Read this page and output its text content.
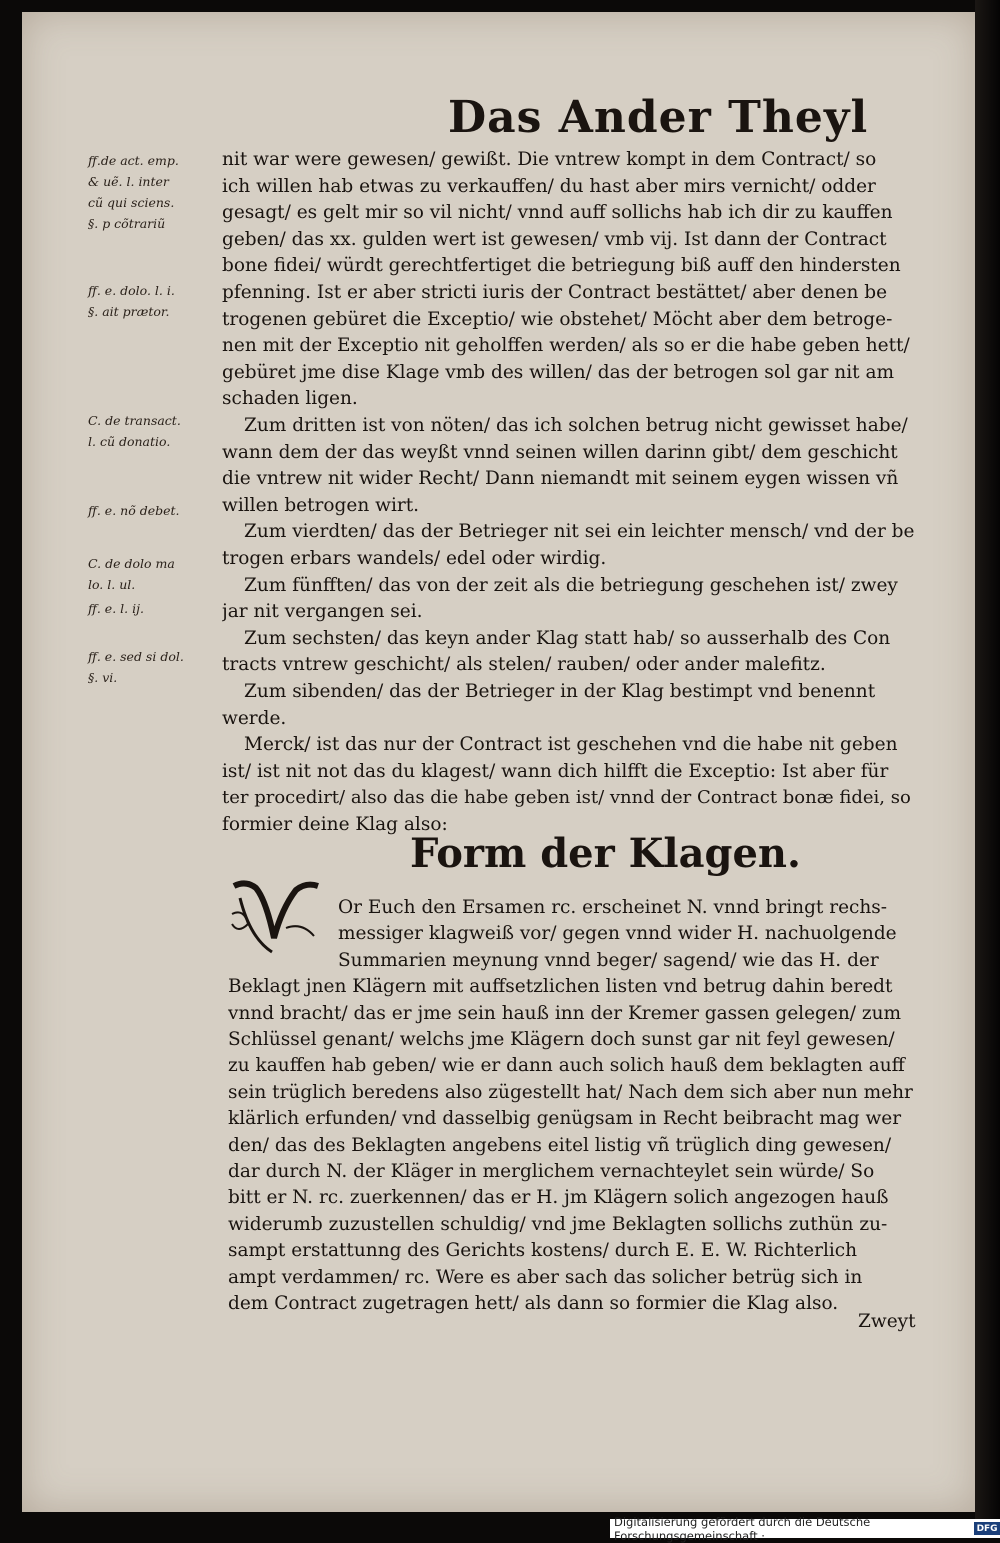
Das Ander Theyl
Form der Klagen.
Zweyt
Digitalisierung gefördert durch die Deutsche Forschungsgemeinschaft ·	DFG
ff.de act. emp.
& uẽ. l. inter
cũ qui sciens.
§. p cõtrariũ
ff. e. dolo. l. i.
§. ait prætor.
C. de transact.
l. cũ donatio.
ff. e. nõ debet.
C. de dolo ma
lo. l. ul.
ff. e. l. ij.
ff. e. sed si dol.
§. vi.
nit war were gewesen/ gewißt. Die vntrew kompt in dem Contract/ so
ich willen hab etwas zu verkauffen/ du hast aber mirs vernicht/ odder
gesagt/ es gelt mir so vil nicht/ vnnd auff sollichs hab ich dir zu kauffen
geben/ das xx. gulden wert ist gewesen/ vmb vij. Ist dann der Contract
bone fidei/ würdt gerechtfertiget die betriegung biß auff den hindersten
pfenning. Ist er aber stricti iuris der Contract bestättet/ aber denen be
trogenen gebüret die Exceptio/ wie obstehet/ Möcht aber dem betroge-
nen mit der Exceptio nit geholffen werden/ als so er die habe geben hett/
gebüret jme dise Klage vmb des willen/ das der betrogen sol gar nit am
schaden ligen.
Zum dritten ist von nöten/ das ich solchen betrug nicht gewisset habe/
wann dem der das weyßt vnnd seinen willen darinn gibt/ dem geschicht
die vntrew nit wider Recht/ Dann niemandt mit seinem eygen wissen vñ
willen betrogen wirt.
Zum vierdten/ das der Betrieger nit sei ein leichter mensch/ vnd der be
trogen erbars wandels/ edel oder wirdig.
Zum fünfften/ das von der zeit als die betriegung geschehen ist/ zwey
jar nit vergangen sei.
Zum sechsten/ das keyn ander Klag statt hab/ so ausserhalb des Con
tracts vntrew geschicht/ als stelen/ rauben/ oder ander malefitz.
Zum sibenden/ das der Betrieger in der Klag bestimpt vnd benennt
werde.
Merck/ ist das nur der Contract ist geschehen vnd die habe nit geben
ist/ ist nit not das du klagest/ wann dich hilfft die Exceptio: Ist aber für
ter procedirt/ also das die habe geben ist/ vnnd der Contract bonæ fidei, so
formier deine Klag also:
Or Euch den Ersamen rc. erscheinet N. vnnd bringt rechs-
messiger klagweiß vor/ gegen vnnd wider H. nachuolgende
Summarien meynung vnnd beger/ sagend/ wie das H. der
Beklagt jnen Klägern mit auffsetzlichen listen vnd betrug dahin beredt
vnnd bracht/ das er jme sein hauß inn der Kremer gassen gelegen/ zum
Schlüssel genant/ welchs jme Klägern doch sunst gar nit feyl gewesen/
zu kauffen hab geben/ wie er dann auch solich hauß dem beklagten auff
sein trüglich beredens also zügestellt hat/ Nach dem sich aber nun mehr
klärlich erfunden/ vnd dasselbig genügsam in Recht beibracht mag wer
den/ das des Beklagten angebens eitel listig vñ trüglich ding gewesen/
dar durch N. der Kläger in merglichem vernachteylet sein würde/ So
bitt er N. rc. zuerkennen/ das er H. jm Klägern solich angezogen hauß
widerumb zuzustellen schuldig/ vnd jme Beklagten sollichs zuthün zu-
sampt erstattunng des Gerichts kostens/ durch E. E. W. Richterlich
ampt verdammen/ rc. Were es aber sach das solicher betrüg sich in
dem Contract zugetragen hett/ als dann so formier die Klag also.
